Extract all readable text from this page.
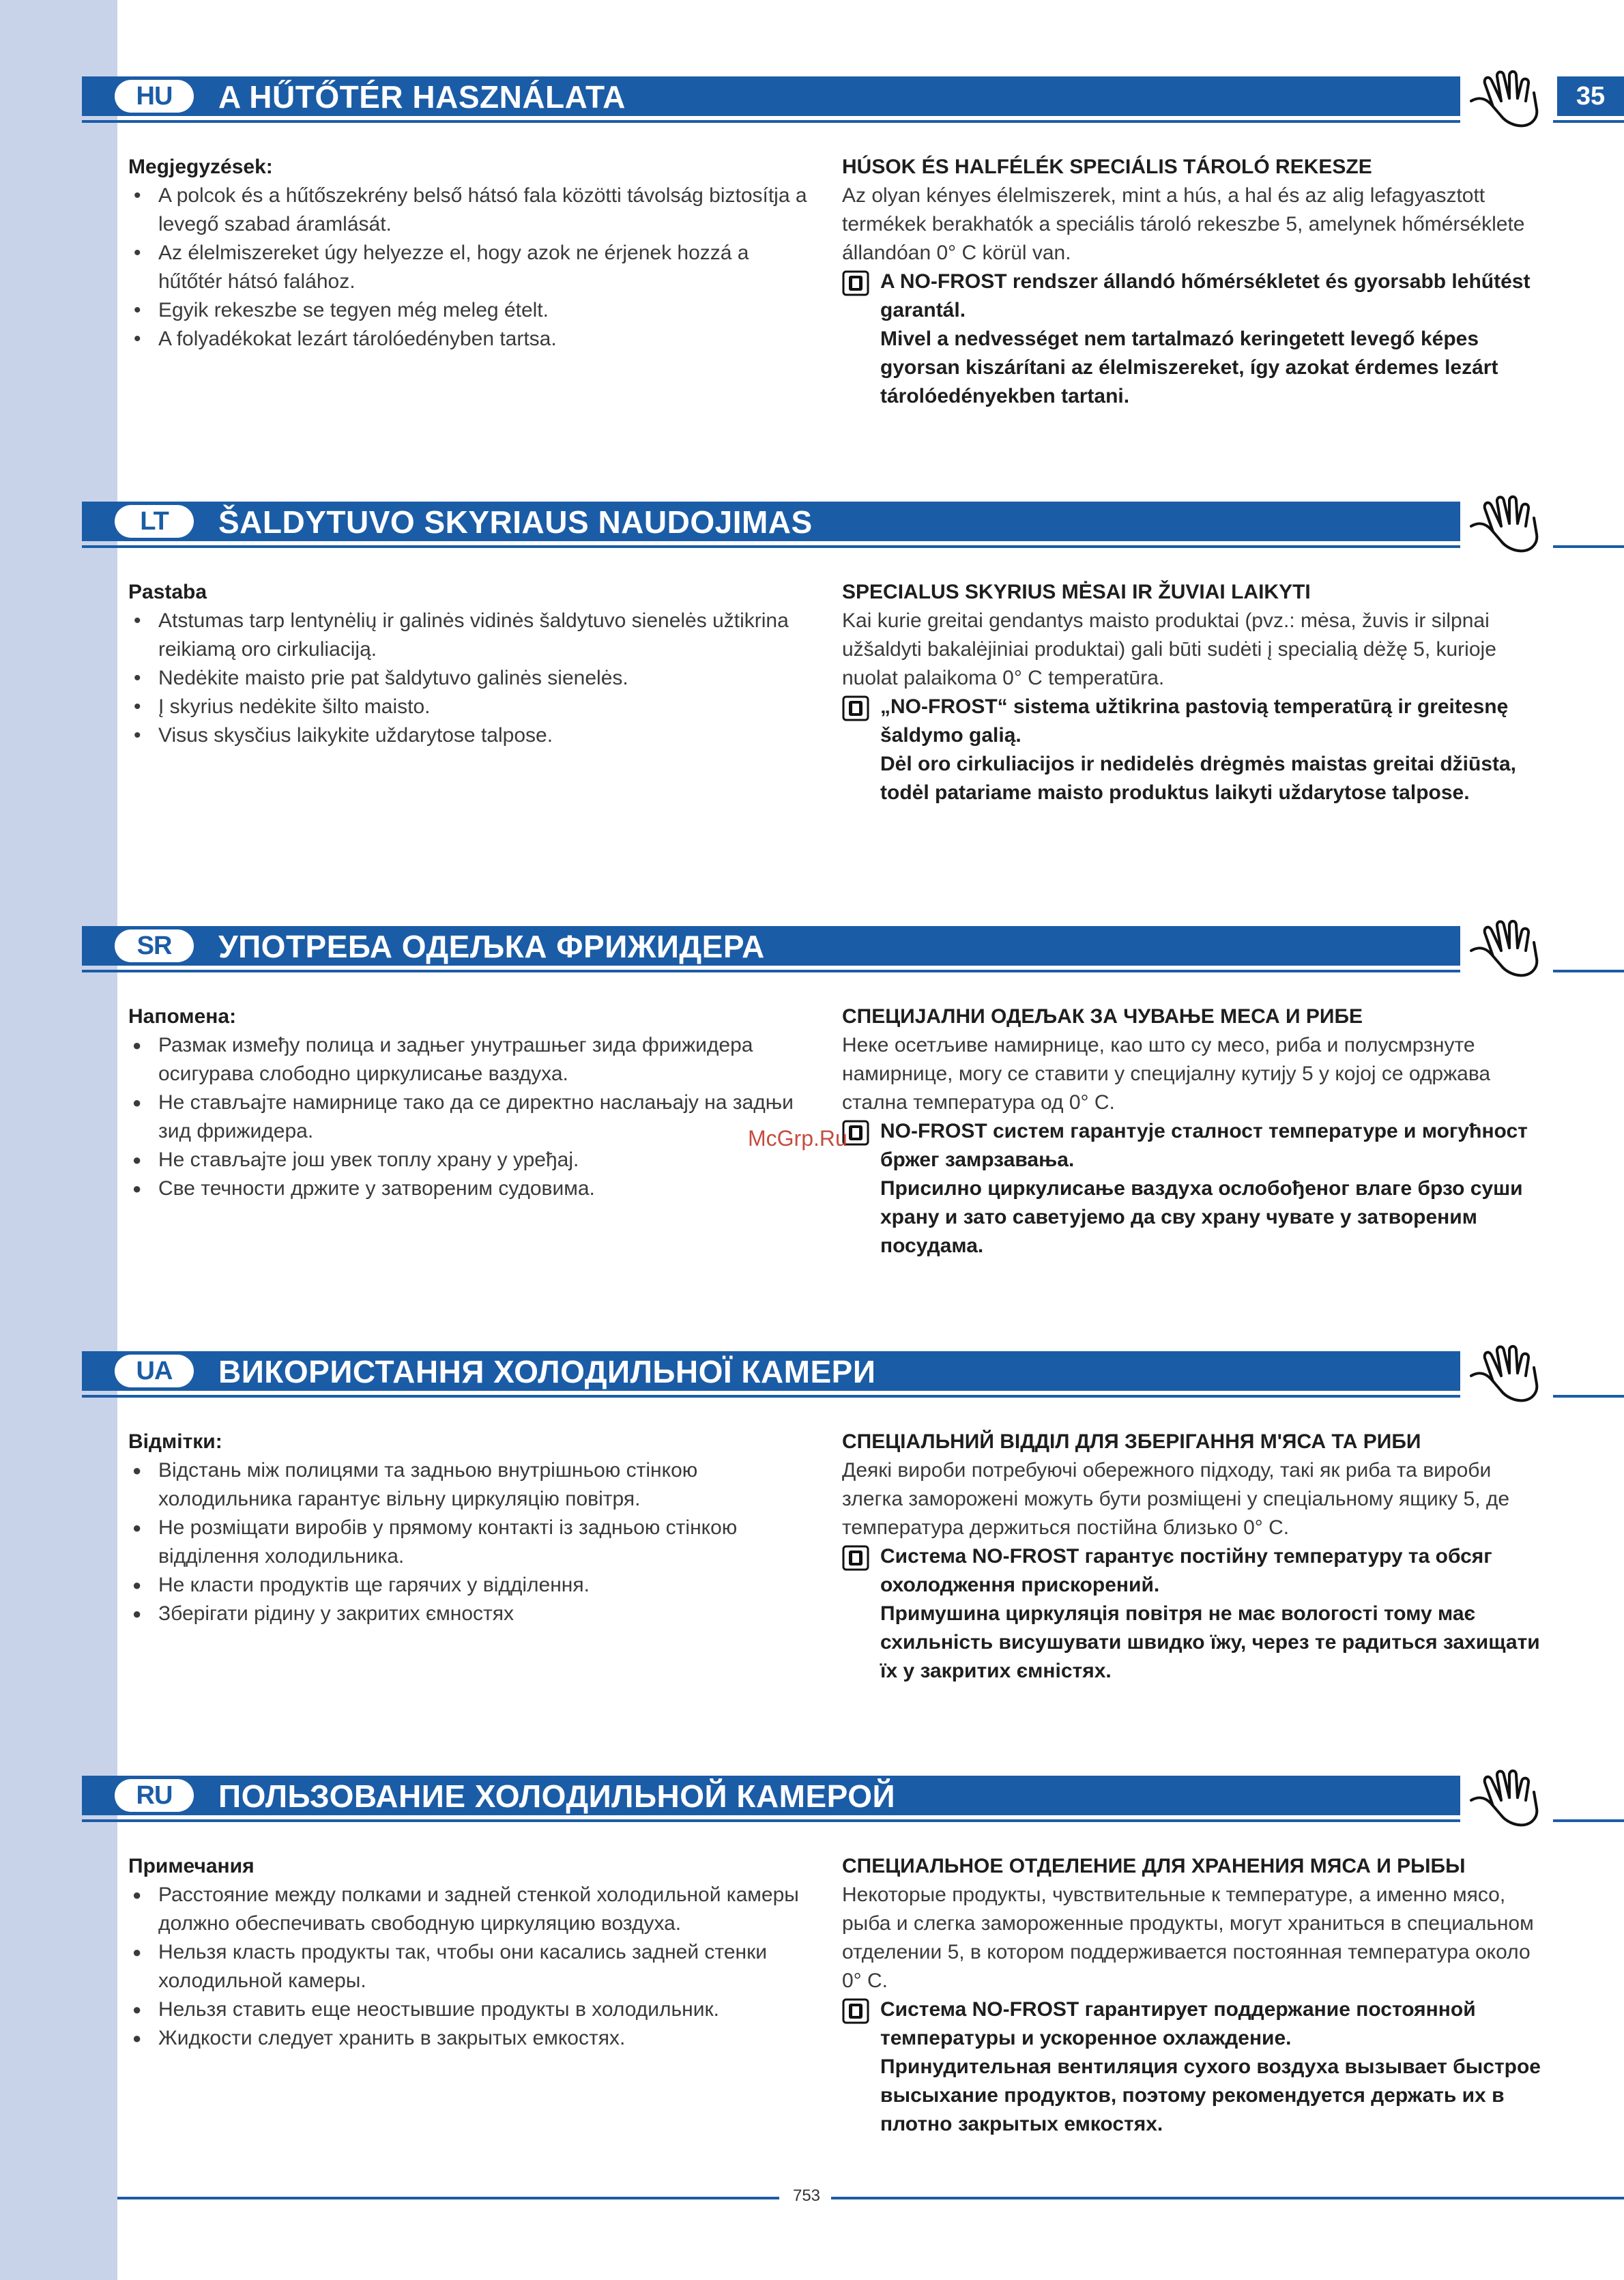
HU	A HŰTŐTÉR HASZNÁLATA	35

Megjegyzések:

• A polcok és a hűtőszekrény belső hátsó fala közötti távolság biztosítja a levegő szabad áramlását.
• Az élelmiszereket úgy helyezze el, hogy azok ne érjenek hozzá a hűtőtér hátsó falához.
• Egyik rekeszbe se tegyen még meleg ételt.
• A folyadékokat lezárt tárolóedényben tartsa.

HÚSOK ÉS HALFÉLÉK SPECIÁLIS TÁROLÓ REKESZE

Az olyan kényes élelmiszerek, mint a hús, a hal és az alig lefagyasztott termékek berakhatók a speciális tároló rekeszbe 5, amelynek hőmérséklete állandóan 0° C körül van.

A NO-FROST rendszer állandó hőmérsékletet és gyorsabb lehűtést garantál.

Mivel a nedvességet nem tartalmazó keringetett levegő képes gyorsan kiszárítani az élelmiszereket, így azokat érdemes lezárt tárolóedényekben tartani.

LT	ŠALDYTUVO SKYRIAUS NAUDOJIMAS

Pastaba

• Atstumas tarp lentynėlių ir galinės vidinės šaldytuvo sienelės užtikrina reikiamą oro cirkuliaciją.
• Nedėkite maisto prie pat šaldytuvo galinės sienelės.
• Į skyrius nedėkite šilto maisto.
• Visus skysčius laikykite uždarytose talpose.

SPECIALUS SKYRIUS MĖSAI IR ŽUVIAI LAIKYTI

Kai kurie greitai gendantys maisto produktai (pvz.: mėsa, žuvis ir silpnai užšaldyti bakalėjiniai produktai) gali būti sudėti į specialią dėžę 5, kurioje nuolat palaikoma 0° C temperatūra.

„NO-FROST“ sistema užtikrina pastovią temperatūrą ir greitesnę šaldymo galią.

Dėl oro cirkuliacijos ir nedidelės drėgmės maistas greitai džiūsta, todėl patariame maisto produktus laikyti uždarytose talpose.

SR	УПОТРЕБА ОДЕЉКА ФРИЖИДЕРА

Напомена:

● Размак између полица и задњег унутрашњег зида фрижидера осигурава слободно циркулисање ваздуха.
● Не стављајте намирнице тако да се директно наслањају на задњи зид фрижидера.
● Не стављајте још увек топлу храну у уређај.
● Све течности држите у затвореним судовима.

СПЕЦИЈАЛНИ ОДЕЉАК ЗА ЧУВАЊЕ МЕСА И РИБЕ

Неке осетљиве намирнице, као што су месо, риба и полусмрзнуте намирнице, могу се ставити у специјалну кутију 5 у којој се одржава стална температура од 0° С.

NO-FROST систем гарантује сталност температуре и могућност бржег замрзавања.

Присилно циркулисање ваздуха ослобођеног влаге брзо суши храну и зато саветујемо да сву храну чувате у затвореним посудама.

UA	ВИКОРИСТАННЯ ХОЛОДИЛЬНОЇ КАМЕРИ

Відмітки:

● Відстань між полицями та задньою внутрішньою стінкою холодильника гарантує вільну циркуляцію повітря.
● Не розміщати виробів у прямому контакті із задньою стінкою відділення холодильника.
● Не класти продуктів ще гарячих у відділення.
● Зберігати рідину у закритих ємностях

СПЕЦІАЛЬНИЙ ВІДДІЛ ДЛЯ ЗБЕРІГАННЯ М'ЯСА ТА РИБИ

Деякі вироби потребуючі обережного підходу, такі як риба та вироби злегка заморожені можуть бути розміщені у спеціальному ящику 5, де температура держиться постійна близько 0° С.

Система NO-FROST гарантує постійну температуру та обсяг охолодження прискорений.

Примушина циркуляція повітря не має вологості тому має схильність висушувати швидко їжу, через те радиться захищати їх у закритих ємністях.

RU	ПОЛЬЗОВАНИЕ ХОЛОДИЛЬНОЙ КАМЕРОЙ

Примечания

● Расстояние между полками и задней стенкой холодильной камеры должно обеспечивать свободную циркуляцию воздуха.
● Нельзя класть продукты так, чтобы они касались задней стенки холодильной камеры.
● Нельзя ставить еще неостывшие продукты в холодильник.
● Жидкости следует хранить в закрытых емкостях.

СПЕЦИАЛЬНОЕ ОТДЕЛЕНИЕ ДЛЯ ХРАНЕНИЯ МЯСА И РЫБЫ

Некоторые продукты, чувствительные к температуре, а именно мясо, рыба и слегка замороженные продукты, могут храниться в специальном отделении 5, в котором поддерживается постоянная температура около 0° С.

Система NO-FROST гарантирует поддержание постоянной температуры и ускоренное охлаждение.

Принудительная вентиляция сухого воздуха вызывает быстрое высыхание продуктов, поэтому рекомендуется держать их в плотно закрытых емкостях.

McGrp.Ru
753
